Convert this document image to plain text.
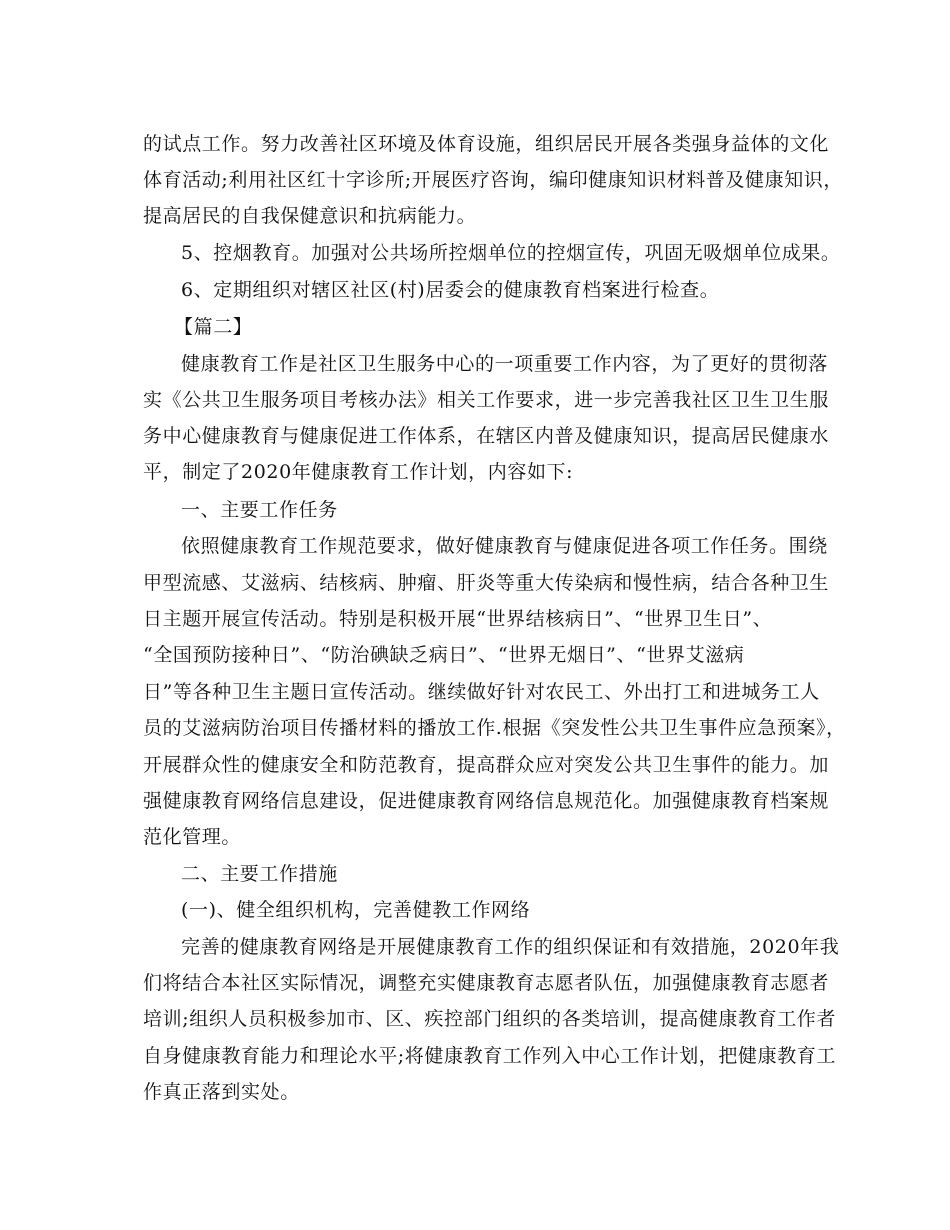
的试点工作。努力改善社区环境及体育设施，组织居民开展各类强身益体的文化
体育活动;利用社区红十字诊所;开展医疗咨询，编印健康知识材料普及健康知识，
提高居民的自我保健意识和抗病能力。
5、控烟教育。加强对公共场所控烟单位的控烟宣传，巩固无吸烟单位成果。
6、定期组织对辖区社区(村)居委会的健康教育档案进行检查。
【篇二】
健康教育工作是社区卫生服务中心的一项重要工作内容，为了更好的贯彻落
实《公共卫生服务项目考核办法》相关工作要求，进一步完善我社区卫生卫生服
务中心健康教育与健康促进工作体系，在辖区内普及健康知识，提高居民健康水
平，制定了2020年健康教育工作计划，内容如下:
一、主要工作任务
依照健康教育工作规范要求，做好健康教育与健康促进各项工作任务。围绕
甲型流感、艾滋病、结核病、肿瘤、肝炎等重大传染病和慢性病，结合各种卫生
日主题开展宣传活动。特别是积极开展“世界结核病日”、“世界卫生日”、
“全国预防接种日”、“防治碘缺乏病日”、“世界无烟日”、“世界艾滋病
日”等各种卫生主题日宣传活动。继续做好针对农民工、外出打工和进城务工人
员的艾滋病防治项目传播材料的播放工作.根据《突发性公共卫生事件应急预案》，
开展群众性的健康安全和防范教育，提高群众应对突发公共卫生事件的能力。加
强健康教育网络信息建设，促进健康教育网络信息规范化。加强健康教育档案规
范化管理。
二、主要工作措施
(一)、健全组织机构，完善健教工作网络
完善的健康教育网络是开展健康教育工作的组织保证和有效措施，2020年我
们将结合本社区实际情况，调整充实健康教育志愿者队伍，加强健康教育志愿者
培训;组织人员积极参加市、区、疾控部门组织的各类培训，提高健康教育工作者
自身健康教育能力和理论水平;将健康教育工作列入中心工作计划，把健康教育工
作真正落到实处。
